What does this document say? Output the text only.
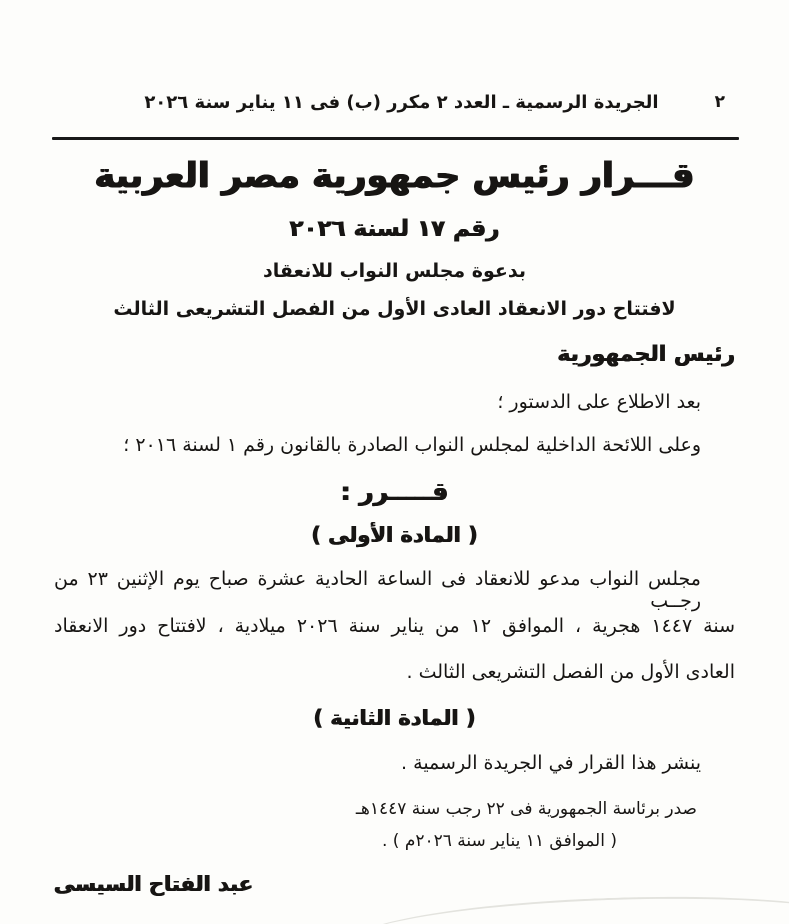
٢
الجريدة الرسمية ـ العدد ٢ مكرر (ب) فى ١١ يناير سنة ٢٠٢٦
قـــرار رئيس جمهورية مصر العربية
رقم ١٧ لسنة ٢٠٢٦
بدعوة مجلس النواب للانعقاد
لافتتاح دور الانعقاد العادى الأول من الفصل التشريعى الثالث
رئيس الجمهورية
بعد الاطلاع على الدستور ؛
وعلى اللائحة الداخلية لمجلس النواب الصادرة بالقانون رقم ١ لسنة ٢٠١٦ ؛
قـــــرر :
( المادة الأولى )
مجلس النواب مدعو للانعقاد فى الساعة الحادية عشرة صباح يوم الإثنين ٢٣ من رجــب
سنة ١٤٤٧ هجرية ، الموافق ١٢ من يناير سنة ٢٠٢٦ ميلادية ، لافتتاح دور الانعقاد
العادى الأول من الفصل التشريعى الثالث .
( المادة الثانية )
ينشر هذا القرار في الجريدة الرسمية .
صدر برئاسة الجمهورية فى ٢٢ رجب سنة ١٤٤٧هـ
( الموافق ١١ يناير سنة ٢٠٢٦م ) .
عبد الفتاح السيسى
